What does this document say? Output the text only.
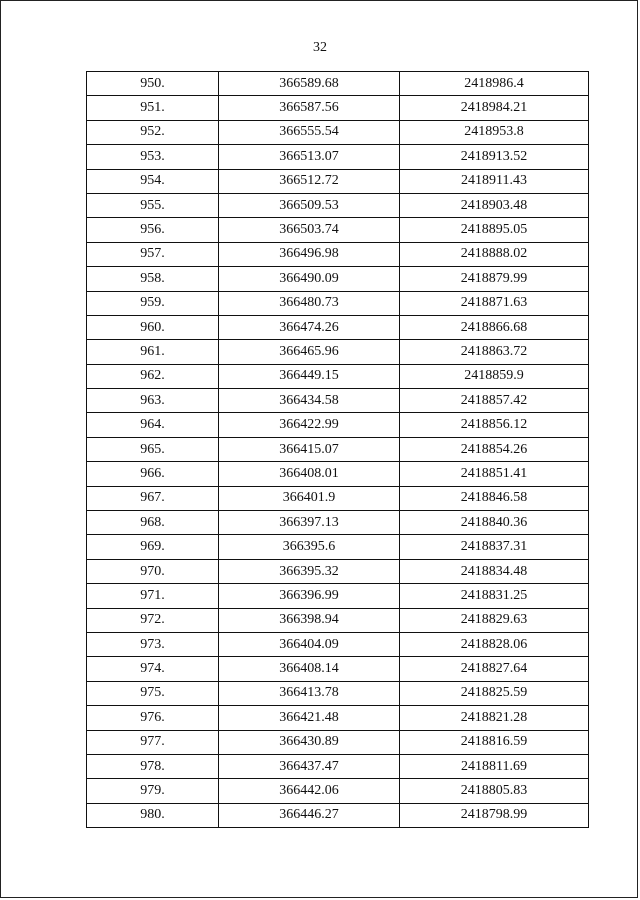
32
950.	366589.68	2418986.4
951.	366587.56	2418984.21
952.	366555.54	2418953.8
953.	366513.07	2418913.52
954.	366512.72	2418911.43
955.	366509.53	2418903.48
956.	366503.74	2418895.05
957.	366496.98	2418888.02
958.	366490.09	2418879.99
959.	366480.73	2418871.63
960.	366474.26	2418866.68
961.	366465.96	2418863.72
962.	366449.15	2418859.9
963.	366434.58	2418857.42
964.	366422.99	2418856.12
965.	366415.07	2418854.26
966.	366408.01	2418851.41
967.	366401.9	2418846.58
968.	366397.13	2418840.36
969.	366395.6	2418837.31
970.	366395.32	2418834.48
971.	366396.99	2418831.25
972.	366398.94	2418829.63
973.	366404.09	2418828.06
974.	366408.14	2418827.64
975.	366413.78	2418825.59
976.	366421.48	2418821.28
977.	366430.89	2418816.59
978.	366437.47	2418811.69
979.	366442.06	2418805.83
980.	366446.27	2418798.99
